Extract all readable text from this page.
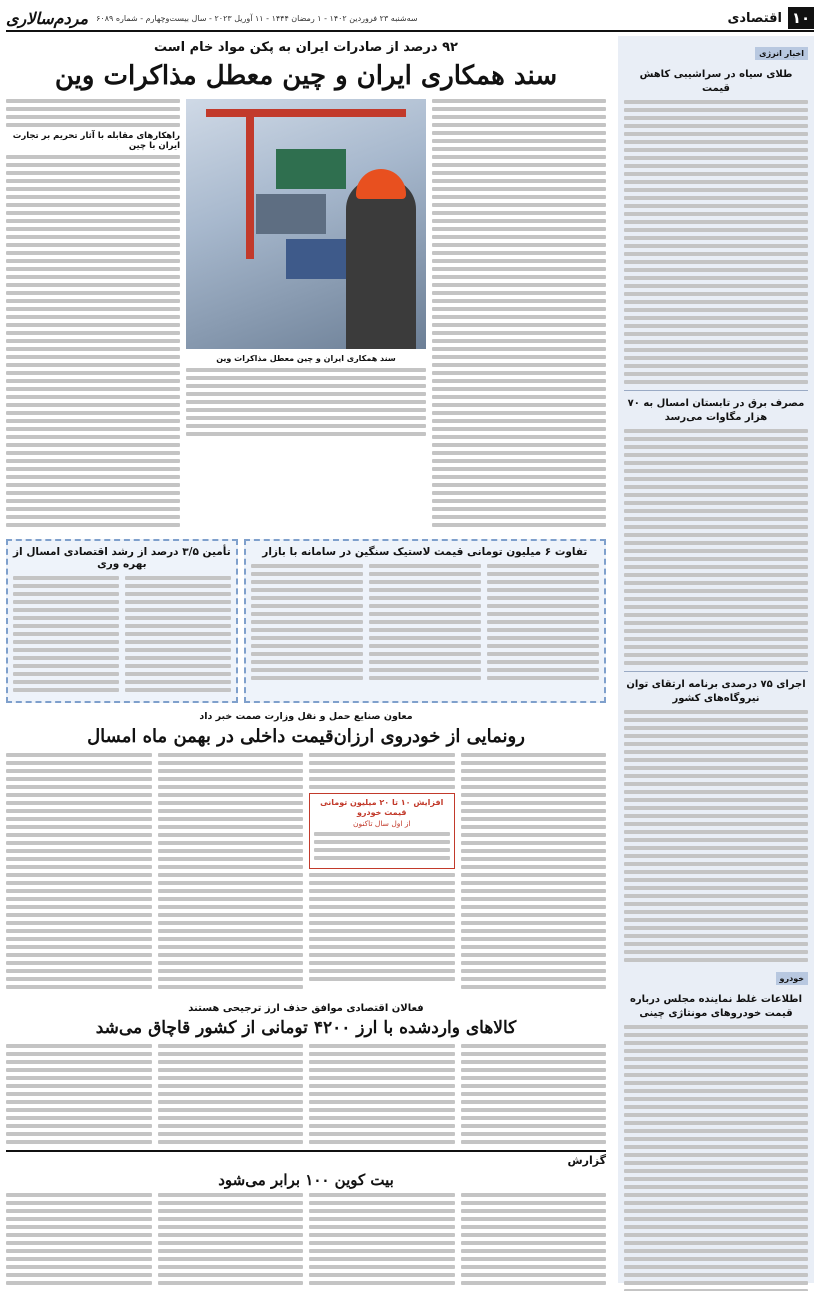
۱۰
اقتصادی
سه‌شنبه ۲۳ فروردین ۱۴۰۲ - ۱ رمضان ۱۴۴۴ - ۱۱ آوریل ۲۰۲۳ - سال بیست‌وچهارم - شماره ۶۰۸۹
مردم‌سالاری
اخبار انرژی
طلای سیاه در سراشیبی کاهش قیمت
مصرف برق در تابستان امسال به ۷۰ هزار مگاوات می‌رسد
اجرای ۷۵ درصدی برنامه ارتقای توان نیروگاه‌های کشور
خودرو
اطلاعات غلط نماینده مجلس درباره قیمت خودروهای مونتاژی چینی
۹۲ درصد از صادرات ایران به پکن مواد خام است
سند همکاری ایران و چین معطل مذاکرات وین
سند همکاری ایران و چین معطل مذاکرات وین
راهکارهای مقابله با آثار تحریم بر تجارت ایران با چین
تفاوت ۶ میلیون تومانی قیمت لاستیک سنگین در سامانه با بازار
تأمین ۳/۵ درصد از رشد اقتصادی امسال از بهره وری
معاون صنایع حمل و نقل وزارت صمت خبر داد
رونمایی از خودروی ارزان‌قیمت داخلی در بهمن ماه امسال
افزایش ۱۰ تا ۲۰ میلیون تومانی قیمت خودرو
از اول سال تاکنون
فعالان اقتصادی موافق حذف ارز ترجیحی هستند
کالاهای واردشده با ارز ۴۲۰۰ تومانی از کشور قاچاق می‌شد
گزارش
بیت کوین ۱۰۰ برابر می‌شود
